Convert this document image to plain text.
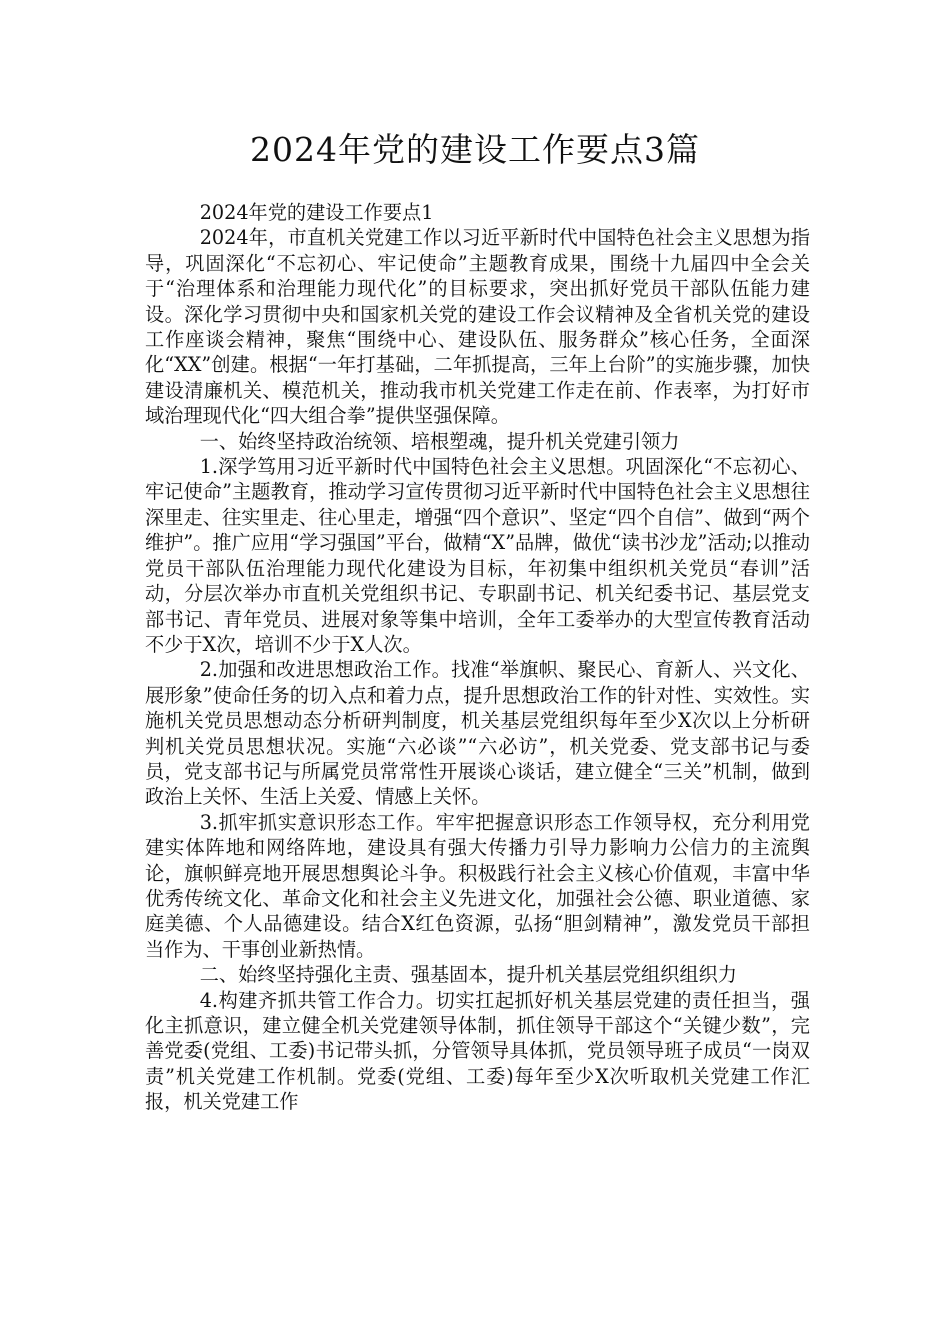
2024年党的建设工作要点3篇

2024年党的建设工作要点1

2024年，市直机关党建工作以习近平新时代中国特色社会主义思想为指导，巩固深化“不忘初心、牢记使命”主题教育成果，围绕十九届四中全会关于“治理体系和治理能力现代化”的目标要求，突出抓好党员干部队伍能力建设。深化学习贯彻中央和国家机关党的建设工作会议精神及全省机关党的建设工作座谈会精神，聚焦“围绕中心、建设队伍、服务群众”核心任务，全面深化“XX”创建。根据“一年打基础，二年抓提高，三年上台阶”的实施步骤，加快建设清廉机关、模范机关，推动我市机关党建工作走在前、作表率，为打好市域治理现代化“四大组合拳”提供坚强保障。

一、始终坚持政治统领、培根塑魂，提升机关党建引领力

1.深学笃用习近平新时代中国特色社会主义思想。巩固深化“不忘初心、牢记使命”主题教育，推动学习宣传贯彻习近平新时代中国特色社会主义思想往深里走、往实里走、往心里走，增强“四个意识”、坚定“四个自信”、做到“两个维护”。推广应用“学习强国”平台，做精“X”品牌，做优“读书沙龙”活动;以推动党员干部队伍治理能力现代化建设为目标，年初集中组织机关党员“春训”活动，分层次举办市直机关党组织书记、专职副书记、机关纪委书记、基层党支部书记、青年党员、进展对象等集中培训，全年工委举办的大型宣传教育活动不少于X次，培训不少于X人次。

2.加强和改进思想政治工作。找准“举旗帜、聚民心、育新人、兴文化、展形象”使命任务的切入点和着力点，提升思想政治工作的针对性、实效性。实施机关党员思想动态分析研判制度，机关基层党组织每年至少X次以上分析研判机关党员思想状况。实施“六必谈”“六必访”，机关党委、党支部书记与委员，党支部书记与所属党员常常性开展谈心谈话，建立健全“三关”机制，做到政治上关怀、生活上关爱、情感上关怀。

3.抓牢抓实意识形态工作。牢牢把握意识形态工作领导权，充分利用党建实体阵地和网络阵地，建设具有强大传播力引导力影响力公信力的主流舆论，旗帜鲜亮地开展思想舆论斗争。积极践行社会主义核心价值观，丰富中华优秀传统文化、革命文化和社会主义先进文化，加强社会公德、职业道德、家庭美德、个人品德建设。结合X红色资源，弘扬“胆剑精神”，激发党员干部担当作为、干事创业新热情。

二、始终坚持强化主责、强基固本，提升机关基层党组织组织力

4.构建齐抓共管工作合力。切实扛起抓好机关基层党建的责任担当，强化主抓意识，建立健全机关党建领导体制，抓住领导干部这个“关键少数”，完善党委(党组、工委)书记带头抓，分管领导具体抓，党员领导班子成员“一岗双责”机关党建工作机制。党委(党组、工委)每年至少X次听取机关党建工作汇报，机关党建工作
